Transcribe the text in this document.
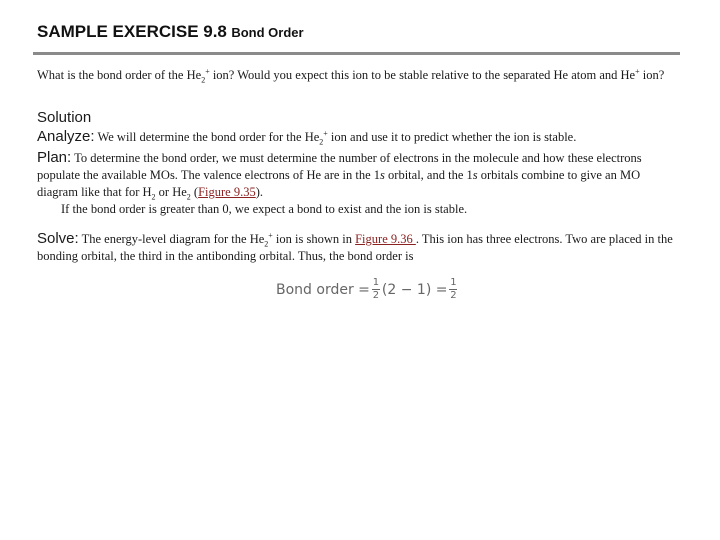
SAMPLE EXERCISE 9.8 Bond Order
What is the bond order of the $He_2^+$ ion? Would you expect this ion to be stable relative to the separated He atom and He+ ion?
Solution
Analyze: We will determine the bond order for the $He_2^+$ ion and use it to predict whether the ion is stable.
Plan: To determine the bond order, we must determine the number of electrons in the molecule and how these electrons populate the available MOs. The valence electrons of He are in the 1s orbital, and the 1s orbitals combine to give an MO diagram like that for $H_2$ or $He_2$ (Figure 9.35).
If the bond order is greater than 0, we expect a bond to exist and the ion is stable.
Solve: The energy-level diagram for the $He_2^+$ ion is shown in Figure 9.36 . This ion has three electrons. Two are placed in the bonding orbital, the third in the antibonding orbital. Thus, the bond order is
Bond order = $\frac{1}{2} (2 - 1) = \frac{1}{2}$
